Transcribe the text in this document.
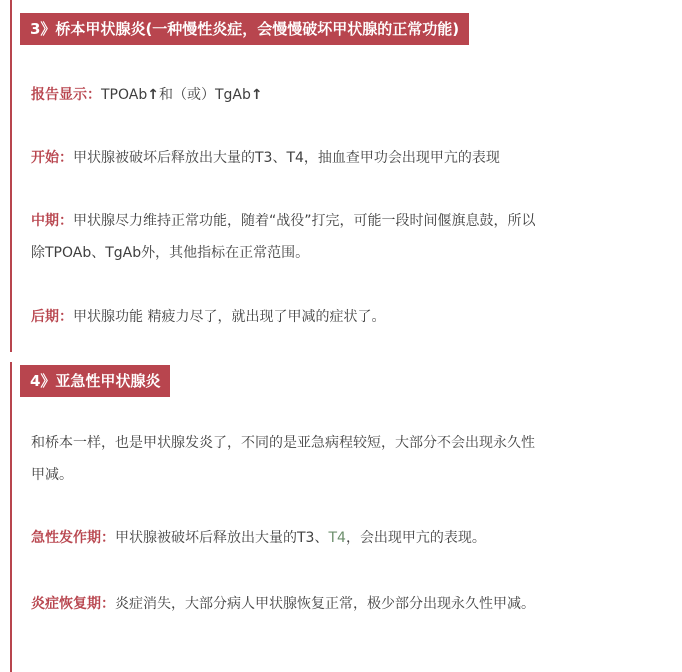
3》桥本甲状腺炎(一种慢性炎症，会慢慢破坏甲状腺的正常功能)
报告显示：TPOAb↑和（或）TgAb↑
开始：甲状腺被破坏后释放出大量的T3、T4，抽血查甲功会出现甲亢的表现
中期：甲状腺尽力维持正常功能，随着“战役”打完，可能一段时间偃旗息鼓，所以
除TPOAb、TgAb外，其他指标在正常范围。
后期：甲状腺功能 精疲力尽了，就出现了甲减的症状了。
4》亚急性甲状腺炎
和桥本一样，也是甲状腺发炎了，不同的是亚急病程较短，大部分不会出现永久性
甲减。
急性发作期：甲状腺被破坏后释放出大量的T3、T4，会出现甲亢的表现。
炎症恢复期：炎症消失，大部分病人甲状腺恢复正常，极少部分出现永久性甲减。
